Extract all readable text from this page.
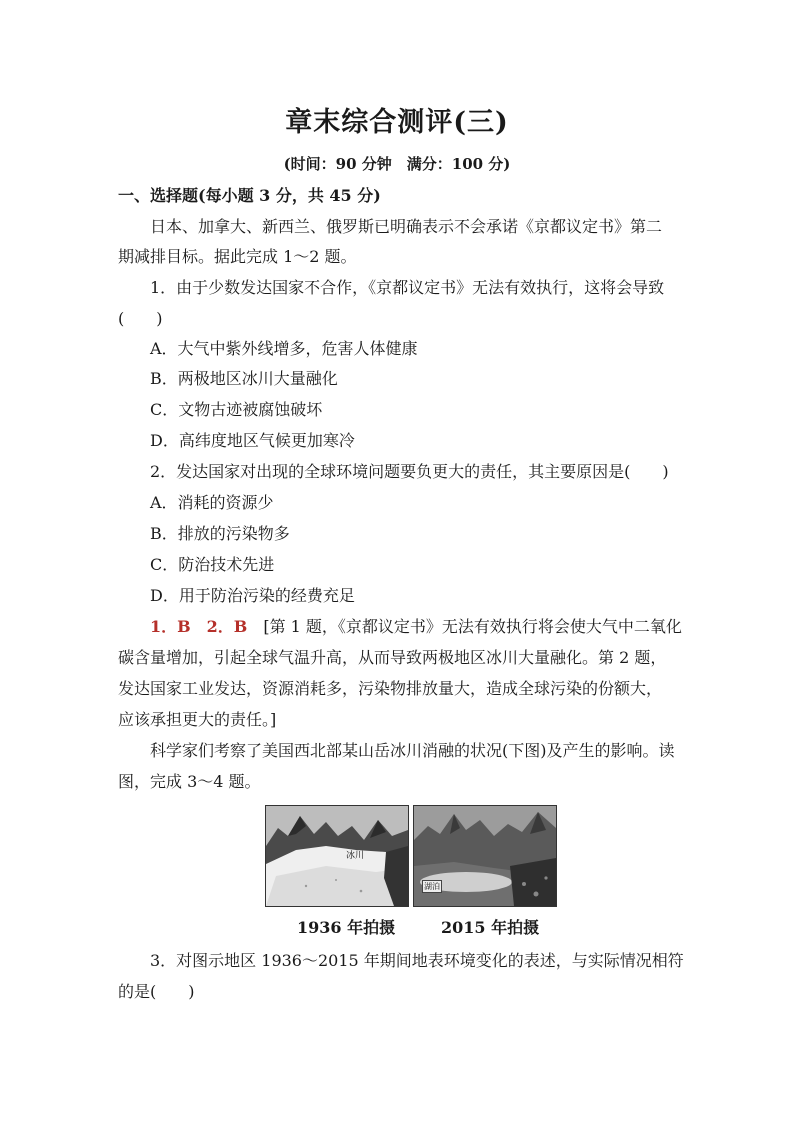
章末综合测评(三)
(时间：90 分钟　满分：100 分)
一、选择题(每小题 3 分，共 45 分)
日本、加拿大、新西兰、俄罗斯已明确表示不会承诺《京都议定书》第二
期减排目标。据此完成 1～2 题。
1．由于少数发达国家不合作，《京都议定书》无法有效执行，这将会导致
(　　)
A．大气中紫外线增多，危害人体健康
B．两极地区冰川大量融化
C．文物古迹被腐蚀破坏
D．高纬度地区气候更加寒冷
2．发达国家对出现的全球环境问题要负更大的责任，其主要原因是(　　)
A．消耗的资源少
B．排放的污染物多
C．防治技术先进
D．用于防治污染的经费充足
1．B　2．B  [第 1 题，《京都议定书》无法有效执行将会使大气中二氧化
碳含量增加，引起全球气温升高，从而导致两极地区冰川大量融化。第 2 题，
发达国家工业发达，资源消耗多，污染物排放量大，造成全球污染的份额大，
应该承担更大的责任。]
科学家们考察了美国西北部某山岳冰川消融的状况(下图)及产生的影响。读
图，完成 3～4 题。
冰川
湖泊
1936 年拍摄	2015 年拍摄
3．对图示地区 1936～2015 年期间地表环境变化的表述，与实际情况相符
的是(　　)
